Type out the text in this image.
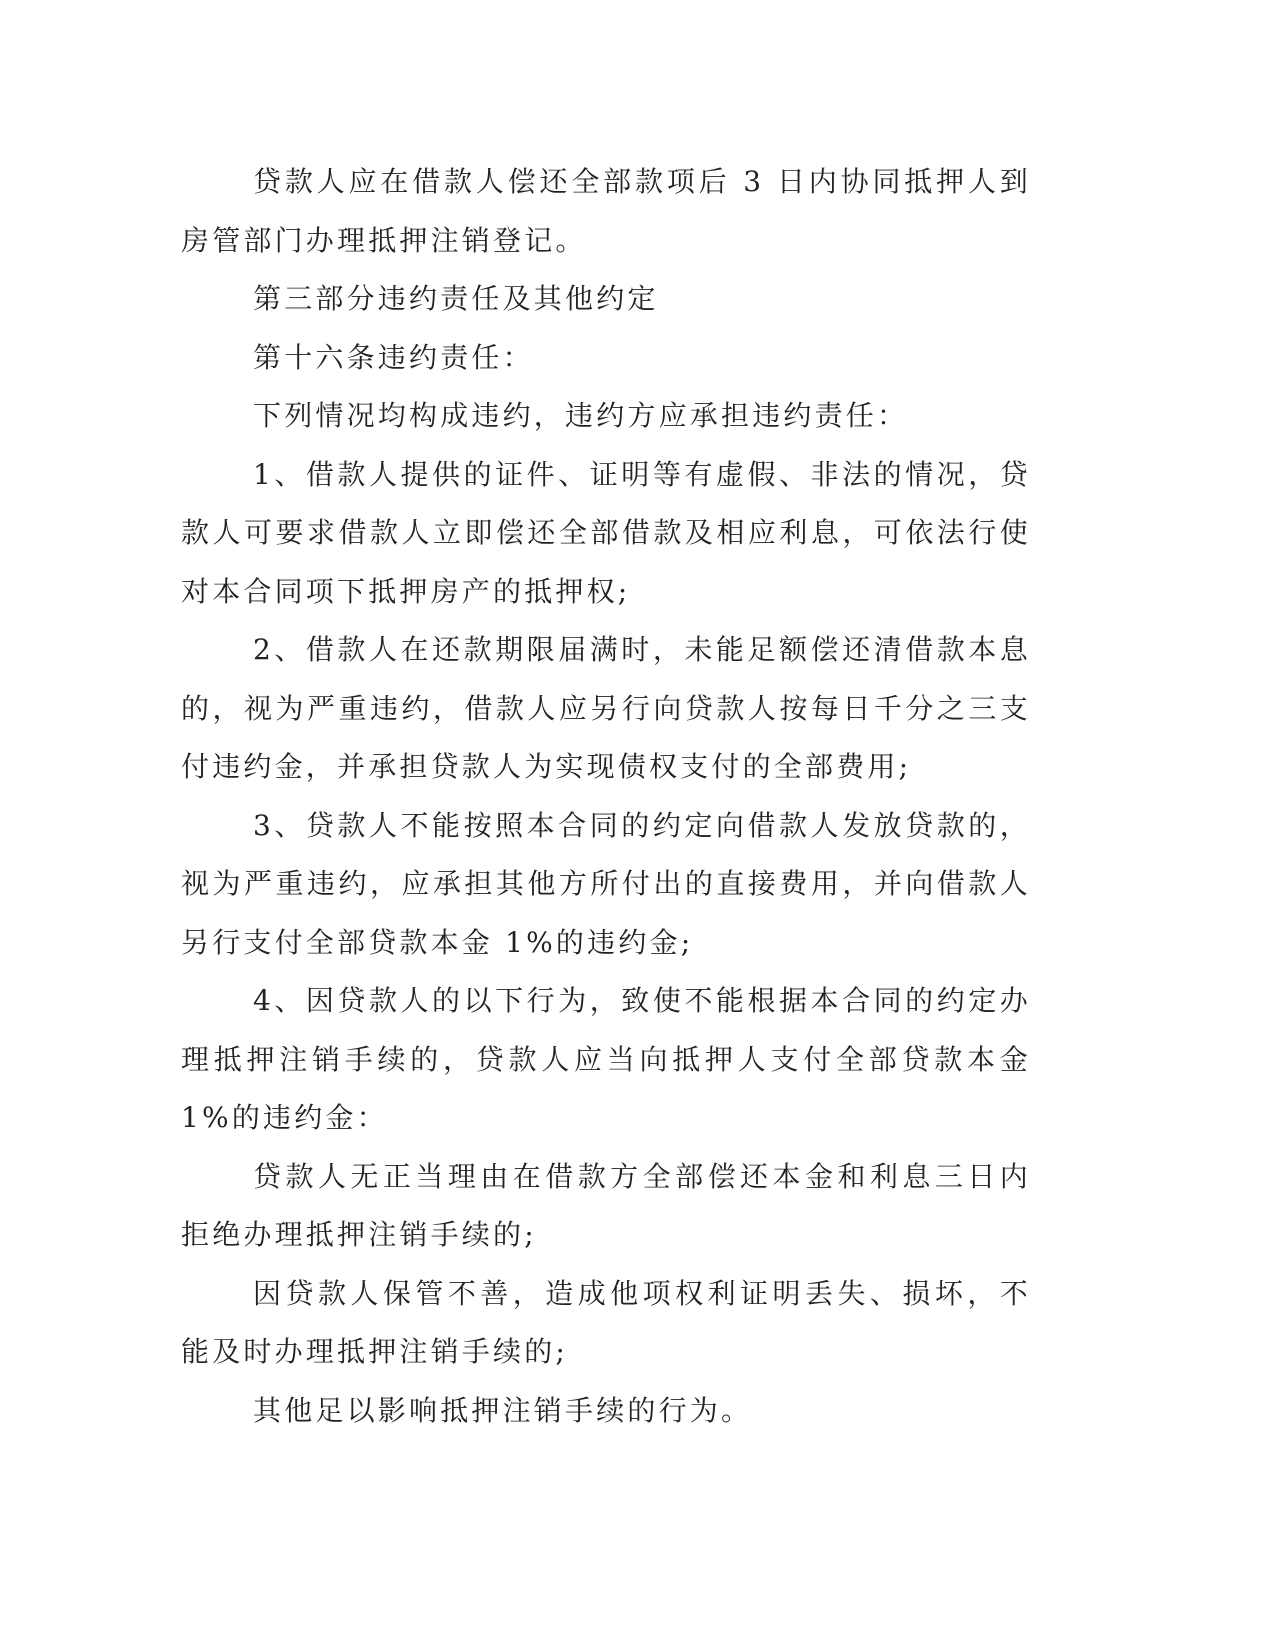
贷款人应在借款人偿还全部款项后 3 日内协同抵押人到房管部门办理抵押注销登记。

第三部分违约责任及其他约定

第十六条违约责任：

下列情况均构成违约，违约方应承担违约责任：

1、借款人提供的证件、证明等有虚假、非法的情况，贷款人可要求借款人立即偿还全部借款及相应利息，可依法行使对本合同项下抵押房产的抵押权;

2、借款人在还款期限届满时，未能足额偿还清借款本息的，视为严重违约，借款人应另行向贷款人按每日千分之三支付违约金，并承担贷款人为实现债权支付的全部费用;

3、贷款人不能按照本合同的约定向借款人发放贷款的，视为严重违约，应承担其他方所付出的直接费用，并向借款人另行支付全部贷款本金 1%的违约金;

4、因贷款人的以下行为，致使不能根据本合同的约定办理抵押注销手续的，贷款人应当向抵押人支付全部贷款本金 1%的违约金：

贷款人无正当理由在借款方全部偿还本金和利息三日内拒绝办理抵押注销手续的;

因贷款人保管不善，造成他项权利证明丢失、损坏，不能及时办理抵押注销手续的;

其他足以影响抵押注销手续的行为。
